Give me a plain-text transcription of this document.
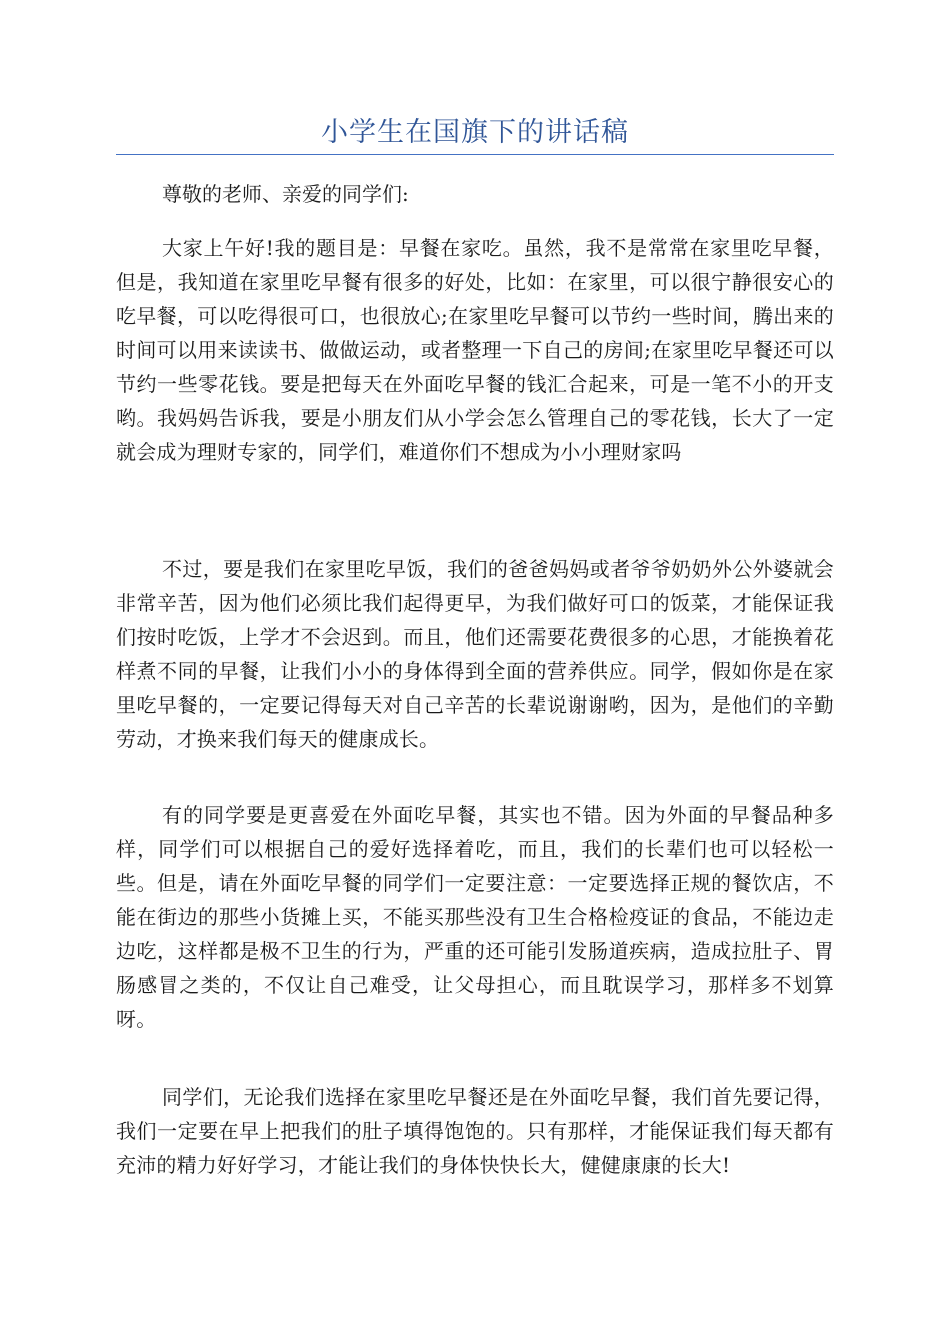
小学生在国旗下的讲话稿

尊敬的老师、亲爱的同学们:

大家上午好!我的题目是：早餐在家吃。虽然，我不是常常在家里吃早餐，但是，我知道在家里吃早餐有很多的好处，比如：在家里，可以很宁静很安心的吃早餐，可以吃得很可口，也很放心;在家里吃早餐可以节约一些时间，腾出来的时间可以用来读读书、做做运动，或者整理一下自己的房间;在家里吃早餐还可以节约一些零花钱。要是把每天在外面吃早餐的钱汇合起来，可是一笔不小的开支哟。我妈妈告诉我，要是小朋友们从小学会怎么管理自己的零花钱，长大了一定就会成为理财专家的，同学们，难道你们不想成为小小理财家吗

不过，要是我们在家里吃早饭，我们的爸爸妈妈或者爷爷奶奶外公外婆就会非常辛苦，因为他们必须比我们起得更早，为我们做好可口的饭菜，才能保证我们按时吃饭，上学才不会迟到。而且，他们还需要花费很多的心思，才能换着花样煮不同的早餐，让我们小小的身体得到全面的营养供应。同学，假如你是在家里吃早餐的，一定要记得每天对自己辛苦的长辈说谢谢哟，因为，是他们的辛勤劳动，才换来我们每天的健康成长。

有的同学要是更喜爱在外面吃早餐，其实也不错。因为外面的早餐品种多样，同学们可以根据自己的爱好选择着吃，而且，我们的长辈们也可以轻松一些。但是，请在外面吃早餐的同学们一定要注意：一定要选择正规的餐饮店，不能在街边的那些小货摊上买，不能买那些没有卫生合格检疫证的食品，不能边走边吃，这样都是极不卫生的行为，严重的还可能引发肠道疾病，造成拉肚子、胃肠感冒之类的，不仅让自己难受，让父母担心，而且耽误学习，那样多不划算呀。

同学们，无论我们选择在家里吃早餐还是在外面吃早餐，我们首先要记得，我们一定要在早上把我们的肚子填得饱饱的。只有那样，才能保证我们每天都有充沛的精力好好学习，才能让我们的身体快快长大，健健康康的长大!
